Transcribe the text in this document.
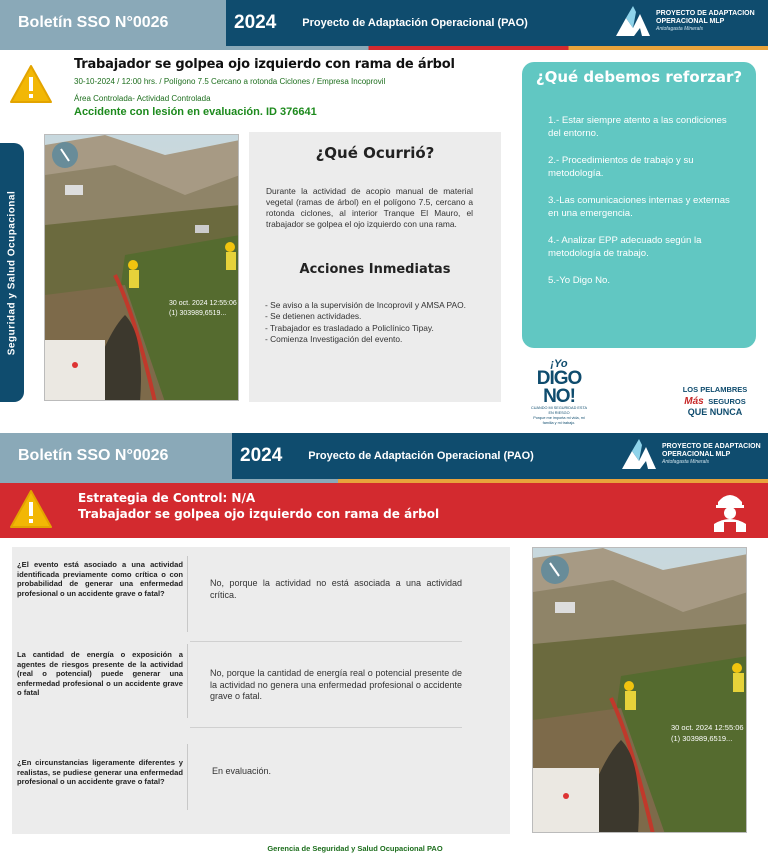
Boletín SSO N°0026	2024 Proyecto de Adaptación Operacional (PAO)
PROYECTO DE ADAPTACION
OPERACIONAL MLP
Antofagasta Minerals
Trabajador se golpea ojo izquierdo con rama de árbol
30-10-2024 / 12:00 hrs. / Polígono 7.5 Cercano a rotonda Ciclones / Empresa Incoprovil
Área Controlada- Actividad Controlada
Accidente con lesión en evaluación. ID 376641
Seguridad y Salud Ocupacional	30 oct. 2024 12:55:06
(1) 303989,6519...
¿Qué Ocurrió?
Durante la actividad de acopio manual de material vegetal (ramas de árbol) en el polígono 7.5, cercano a rotonda ciclones, al interior Tranque El Mauro, el trabajador se golpea el ojo izquierdo con una rama.
Acciones Inmediatas
- Se aviso a la supervisión de Incoprovil y AMSA PAO.
- Se detienen actividades.
- Trabajador es trasladado a Policlínico Tipay.
- Comienza Investigación del evento.
¿Qué debemos reforzar?
1.- Estar siempre atento a las condiciones del entorno.
2.- Procedimientos de trabajo y su metodología.
3.-Las comunicaciones internas y externas en una emergencia.
4.- Analizar EPP adecuado según la metodología de trabajo.
5.-Yo Digo No.
¡Yo
DIGO NO!
CUANDO MI SEGURIDAD ESTA EN RIESGO
Porque me importa mi vida, mi familia y mi trabajo.
LOS PELAMBRES
Más SEGUROS
QUE NUNCA
Boletín SSO N°0026	2024 Proyecto de Adaptación Operacional (PAO)
PROYECTO DE ADAPTACION
OPERACIONAL MLP
Antofagasta Minerals
Estrategia de Control: N/A
Trabajador se golpea ojo izquierdo con rama de árbol
¿El evento está asociado a una actividad identificada previamente como crítica o con probabilidad de generar una enfermedad profesional o un accidente grave o fatal?
No, porque la actividad no está asociada a una actividad crítica.
La cantidad de energía o exposición a agentes de riesgos presente de la actividad (real o potencial) puede generar una enfermedad profesional o un accidente grave o fatal
No, porque la cantidad de energía real o potencial presente de la actividad no genera una enfermedad profesional o accidente grave o fatal.
¿En circunstancias ligeramente diferentes y realistas, se pudiese generar una enfermedad profesional o un accidente grave o fatal?
En evaluación.
30 oct. 2024 12:55:06
(1) 303989,6519...
Gerencia de Seguridad y Salud Ocupacional PAO
